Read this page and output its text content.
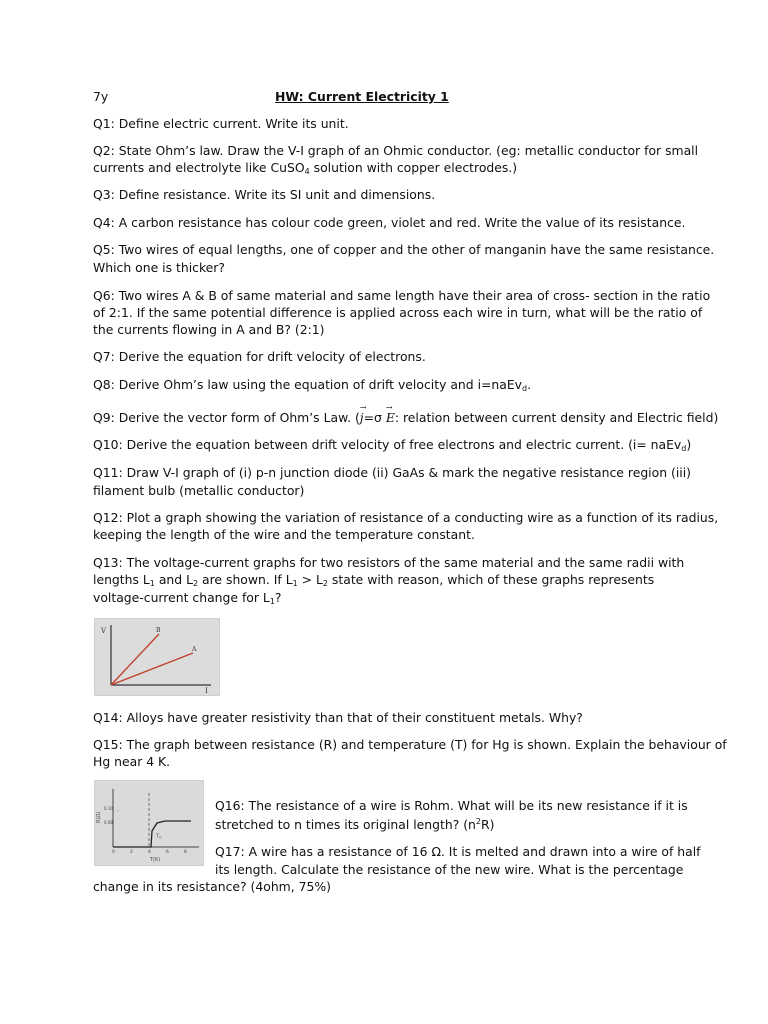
7y	HW: Current Electricity 1
Q1: Define electric current. Write its unit.
Q2: State Ohm’s law. Draw the V-I graph of an Ohmic conductor. (eg: metallic conductor for small
currents and electrolyte like CuSO$_4$ solution with copper electrodes.)
Q3: Define resistance. Write its SI unit and dimensions.
Q4: A carbon resistance has colour code green, violet and red. Write the value of its resistance.
Q5: Two wires of equal lengths, one of copper and the other of manganin have the same resistance.
Which one is thicker?
Q6: Two wires A & B of same material and same length have their area of cross- section in the ratio
of 2:1. If the same potential difference is applied across each wire in turn, what will be the ratio of
the currents flowing in A and B? (2:1)
Q7: Derive the equation for drift velocity of electrons.
Q8: Derive Ohm’s law using the equation of drift velocity and i=naEv$_d$.
Q9: Derive the vector form of Ohm’s Law. (→ j=σ → E: relation between current density and Electric field)
Q10: Derive the equation between drift velocity of free electrons and electric current. (i= naEv$_d$)
Q11: Draw V-I graph of (i) p-n junction diode (ii) GaAs & mark the negative resistance region (iii)
filament bulb (metallic conductor)
Q12: Plot a graph showing the variation of resistance of a conducting wire as a function of its radius,
keeping the length of the wire and the temperature constant.
Q13: The voltage-current graphs for two resistors of the same material and the same radii with
lengths $L_1$ and $L_2$ are shown. If $L_1 > L_2$ state with reason, which of these graphs represents
voltage-current change for $L_1$?
V
I
B
A
Q14: Alloys have greater resistivity than that of their constituent metals. Why?
Q15: The graph between resistance (R) and temperature (T) for Hg is shown. Explain the behaviour of
Hg near 4 K.
R(Ω)
0.10
0.08
0	2	4	6	8
T(K)
$T_C$
Q16: The resistance of a wire is Rohm. What will be its new resistance if it is
stretched to n times its original length? $(n^2R)$
Q17: A wire has a resistance of 16 Ω. It is melted and drawn into a wire of half
its length. Calculate the resistance of the new wire. What is the percentage
change in its resistance? (4ohm, 75%)
